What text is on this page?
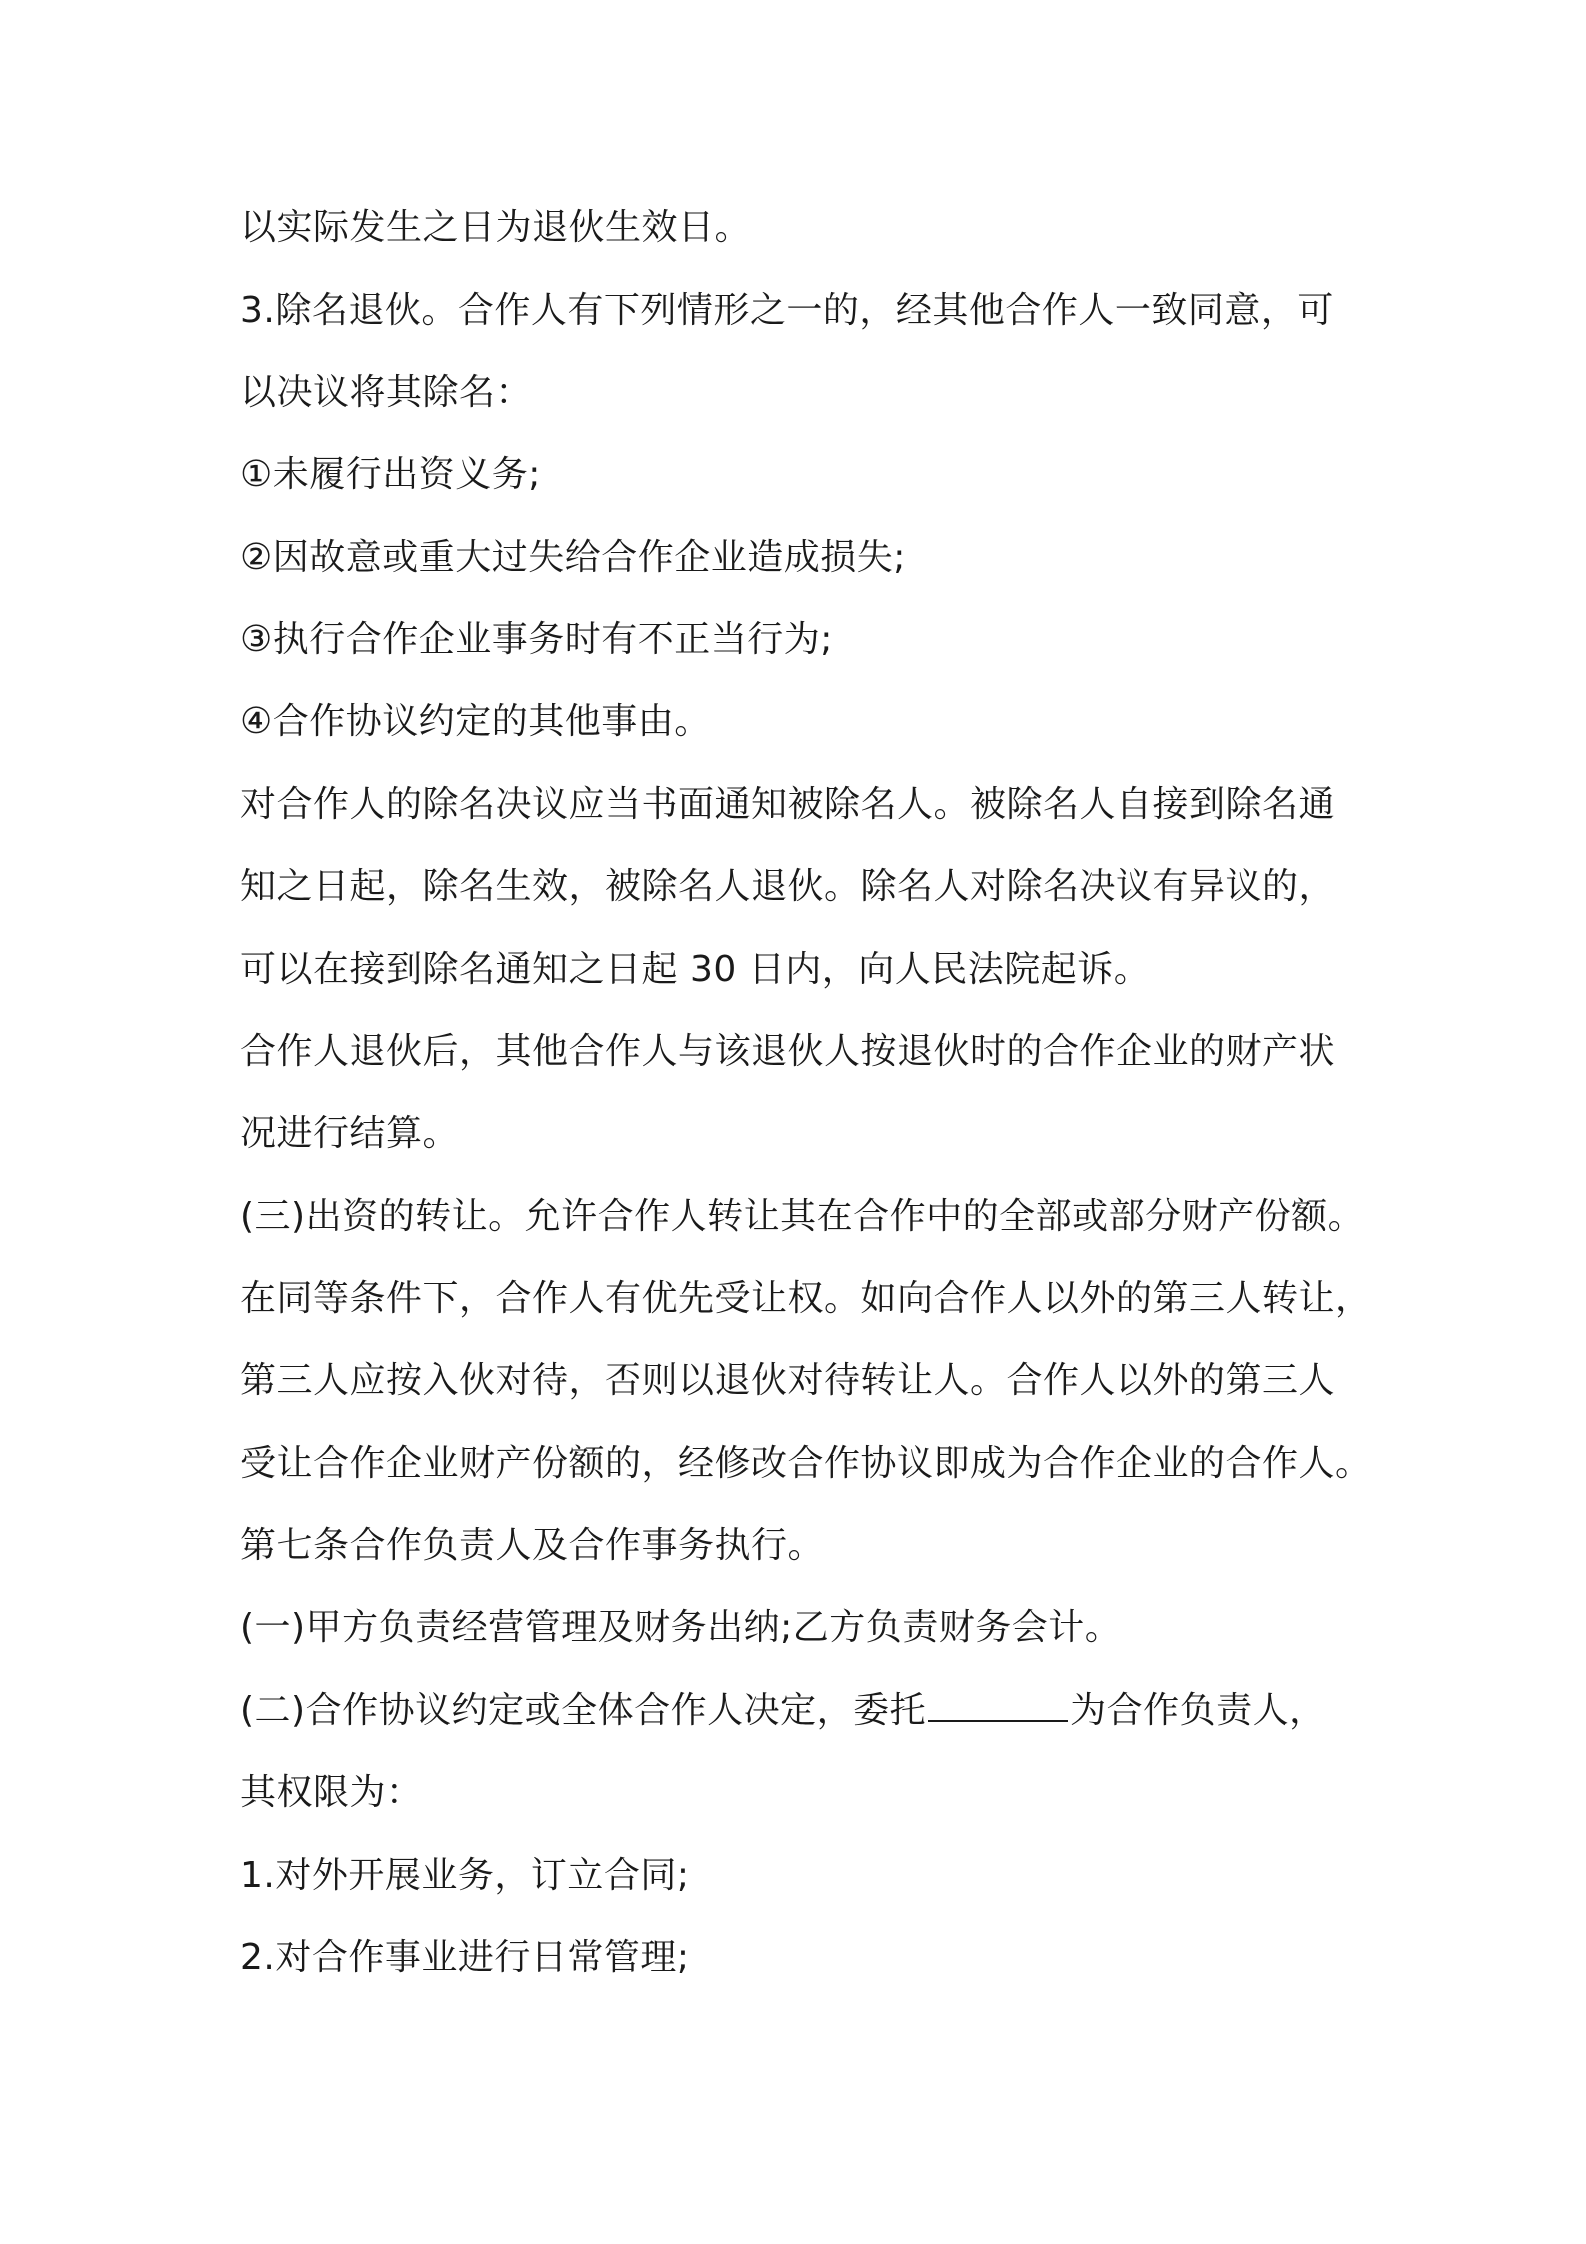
以实际发生之日为退伙生效日。
3.除名退伙。合作人有下列情形之一的，经其他合作人一致同意，可
以决议将其除名：
①未履行出资义务;
②因故意或重大过失给合作企业造成损失;
③执行合作企业事务时有不正当行为;
④合作协议约定的其他事由。
对合作人的除名决议应当书面通知被除名人。被除名人自接到除名通
知之日起，除名生效，被除名人退伙。除名人对除名决议有异议的，
可以在接到除名通知之日起 30 日内，向人民法院起诉。
合作人退伙后，其他合作人与该退伙人按退伙时的合作企业的财产状
况进行结算。
(三)出资的转让。允许合作人转让其在合作中的全部或部分财产份额。
在同等条件下，合作人有优先受让权。如向合作人以外的第三人转让，
第三人应按入伙对待，否则以退伙对待转让人。合作人以外的第三人
受让合作企业财产份额的，经修改合作协议即成为合作企业的合作人。
第七条合作负责人及合作事务执行。
(一)甲方负责经营管理及财务出纳;乙方负责财务会计。
(二)合作协议约定或全体合作人决定，委托	为合作负责人，
其权限为：
1.对外开展业务，订立合同;
2.对合作事业进行日常管理;
